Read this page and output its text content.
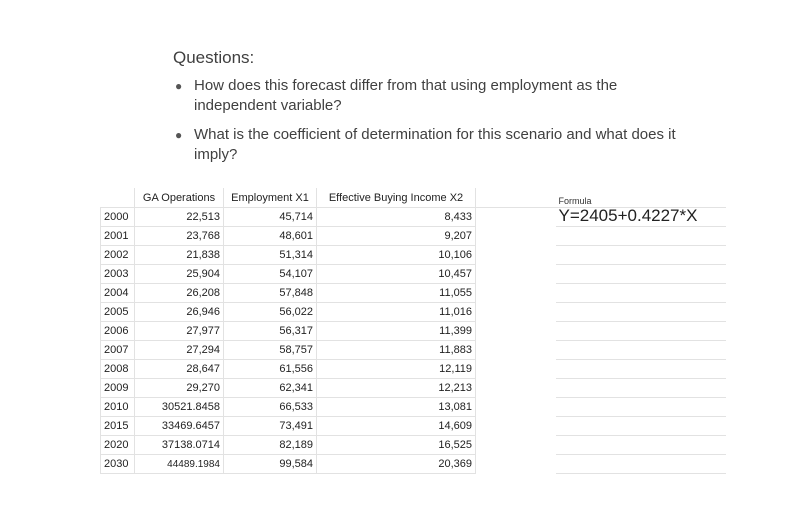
Questions:
● How does this forecast differ from that using employment as the independent variable?
● What is the coefficient of determination for this scenario and what does it imply?
	GA Operations	Employment X1	Effective Buying Income X2		Formula
2000	22,513	45,714	8,433		Y=2405+0.4227*X
2001	23,768	48,601	9,207		
2002	21,838	51,314	10,106		
2003	25,904	54,107	10,457		
2004	26,208	57,848	11,055		
2005	26,946	56,022	11,016		
2006	27,977	56,317	11,399		
2007	27,294	58,757	11,883		
2008	28,647	61,556	12,119		
2009	29,270	62,341	12,213		
2010	30521.8458	66,533	13,081		
2015	33469.6457	73,491	14,609		
2020	37138.0714	82,189	16,525		
2030	44489.1984	99,584	20,369		
